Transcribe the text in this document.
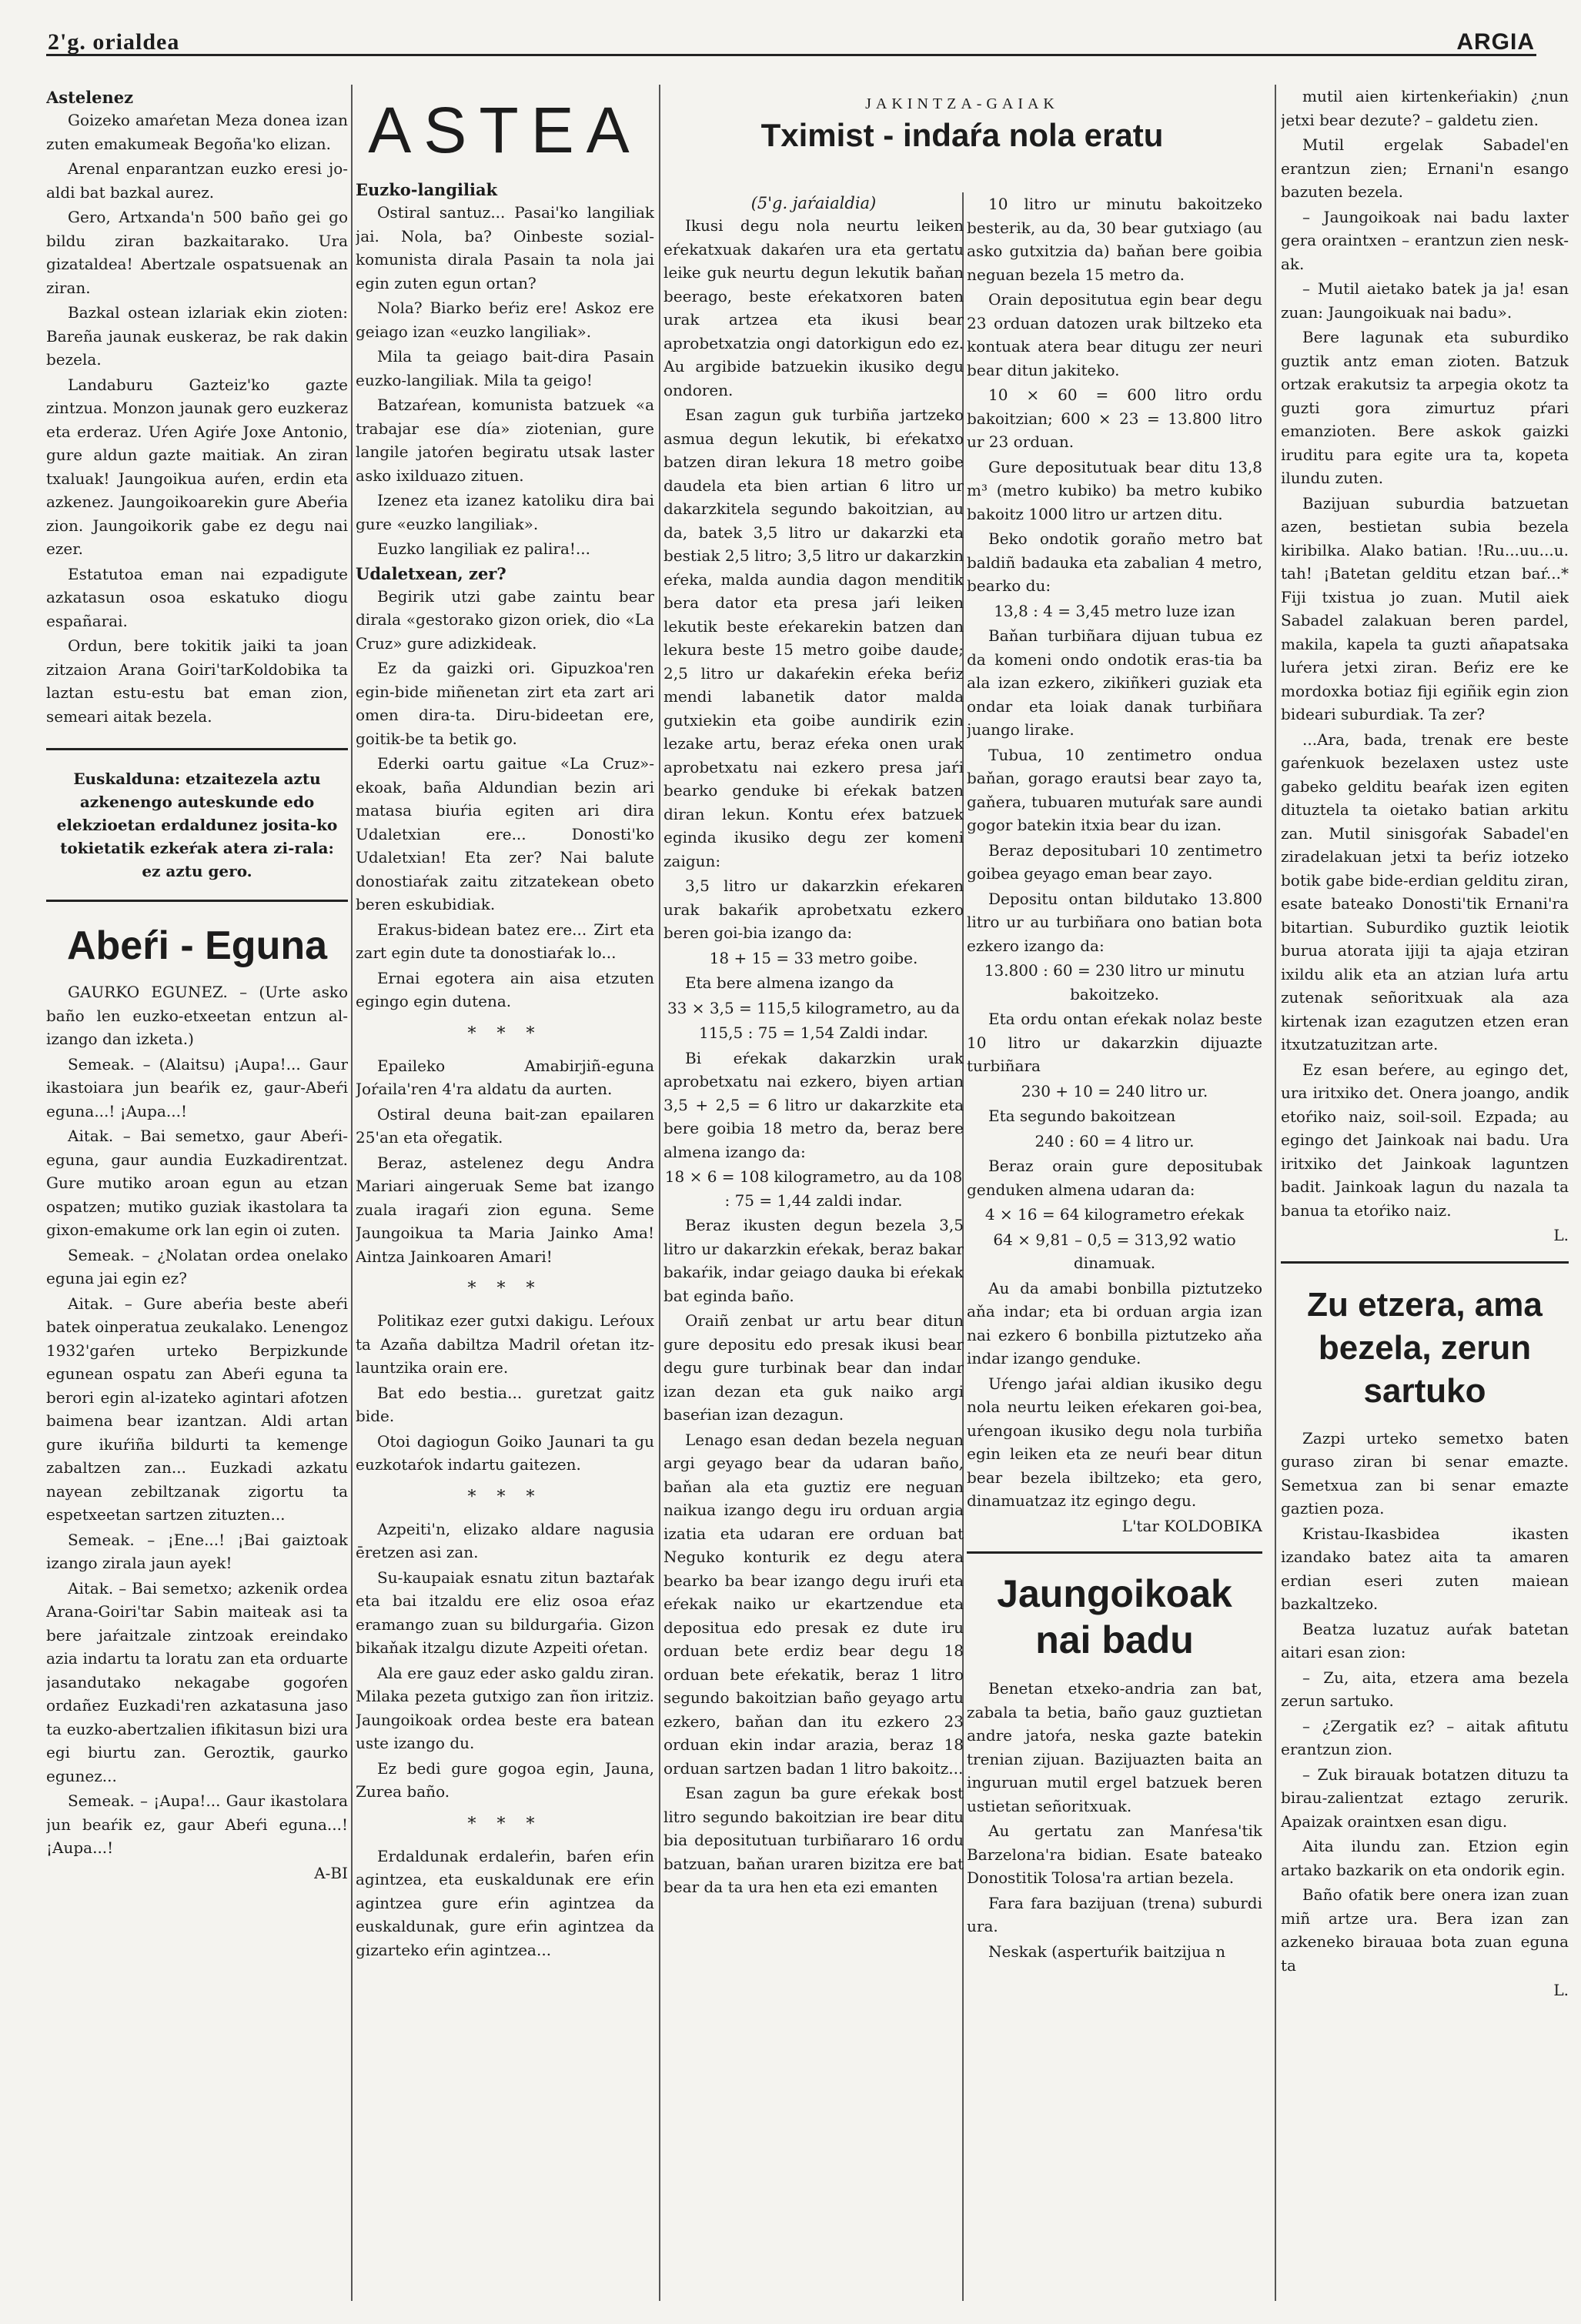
2'g. orialdea	ARGIA
Astelenez

Goizeko amaŕetan Meza donea izan zuten emakumeak Begoña'ko elizan.

Arenal enparantzan euzko eresi jo-aldi bat bazkal aurez.

Gero, Artxanda'n 500 baño gei go bildu ziran bazkaitarako. Ura gizataldea! Abertzale ospatsuenak an ziran.

Bazkal ostean izlariak ekin zioten: Bareña jaunak euskeraz, be rak dakin bezela.

Landaburu Gazteiz'ko gazte zintzua. Monzon jaunak gero euzkeraz eta erderaz. Uŕen Agiŕe Joxe Antonio, gure aldun gazte maitiak. An ziran txaluak! Jaungoikua auŕen, erdin eta azkenez. Jaungoikoarekin gure Abeŕia zion. Jaungoikorik gabe ez degu nai ezer.

Estatutoa eman nai ezpadigute azkatasun osoa eskatuko diogu españarai.

Ordun, bere tokitik jaiki ta joan zitzaion Arana Goiri'tarKoldobika ta laztan estu-estu bat eman zion, semeari aitak bezela.

Euskalduna: etzaitezela aztu azkenengo auteskunde edo elekzioetan erdaldunez josita-ko tokietatik ezkeŕak atera zi-rala: ez aztu gero.
Abeŕi - Eguna

GAURKO EGUNEZ. – (Urte asko baño len euzko-etxeetan entzun al-izango dan izketa.)

Semeak. – (Alaitsu) ¡Aupa!... Gaur ikastoiara jun beaŕik ez, gaur-Abeŕi eguna...! ¡Aupa...!

Aitak. – Bai semetxo, gaur Abeŕi-eguna, gaur aundia Euzkadirentzat. Gure mutiko aroan egun au etzan ospatzen; mutiko guziak ikastolara ta gixon-emakume ork lan egin oi zuten.

Semeak. – ¿Nolatan ordea onelako eguna jai egin ez?

Aitak. – Gure abeŕia beste abeŕi batek oinperatua zeukalako. Lenengoz 1932'gaŕen urteko Berpizkunde egunean ospatu zan Abeŕi eguna ta berori egin al-izateko agintari afotzen baimena bear izantzan. Aldi artan gure ikuŕiña bildurti ta kemenge zabaltzen zan... Euzkadi azkatu nayean zebiltzanak zigortu ta espetxeetan sartzen zituzten...

Semeak. – ¡Ene...! ¡Bai gaiztoak izango zirala jaun ayek!

Aitak. – Bai semetxo; azkenik ordea Arana-Goiri'tar Sabin maiteak asi ta bere jaŕaitzale zintzoak ereindako azia indartu ta loratu zan eta orduarte jasandutako nekagabe gogoŕen ordañez Euzkadi'ren azkatasuna jaso ta euzko-abertzalien ifikitasun bizi ura egi biurtu zan. Geroztik, gaurko egunez...

Semeak. – ¡Aupa!... Gaur ikastolara jun beaŕik ez, gaur Abeŕi eguna...! ¡Aupa...!

A-BI

ASTEA
Euzko-langiliak

Ostiral santuz... Pasai'ko langiliak jai. Nola, ba? Oinbeste sozial-komunista dirala Pasain ta nola jai egin zuten egun ortan?

Nola? Biarko beŕiz ere! Askoz ere geiago izan «euzko langiliak».

Mila ta geiago bait-dira Pasain euzko-langiliak. Mila ta geigo!

Batzaŕean, komunista batzuek «a trabajar ese día» ziotenian, gure langile jatoŕen begiratu utsak laster asko ixilduazo zituen.

Izenez eta izanez katoliku dira bai gure «euzko langiliak».

Euzko langiliak ez palira!...

Udaletxean, zer?

Begirik utzi gabe zaintu bear dirala «gestorako gizon oriek, dio «La Cruz» gure adizkideak.

Ez da gaizki ori. Gipuzkoa'ren egin-bide miñenetan zirt eta zart ari omen dira-ta. Diru-bideetan ere, goitik-be ta betik go.

Ederki oartu gaitue «La Cruz»-ekoak, baña Aldundian bezin ari matasa biuŕia egiten ari dira Udaletxian ere... Donosti'ko Udaletxian! Eta zer? Nai balute donostiaŕak zaitu zitzatekean obeto beren eskubidiak.

Erakus-bidean batez ere... Zirt eta zart egin dute ta donostiaŕak lo...

Ernai egotera ain aisa etzuten egingo egin dutena.

* * *

Epaileko Amabirjiñ-eguna Joŕaila'ren 4'ra aldatu da aurten.

Ostiral deuna bait-zan epailaren 25'an eta ořegatik.

Beraz, astelenez degu Andra Mariari aingeruak Seme bat izango zuala iragaŕi zion eguna. Seme Jaungoikua ta Maria Jainko Ama! Aintza Jainkoaren Amari!

* * *

Politikaz ezer gutxi dakigu. Leŕoux ta Azaña dabiltza Madril oŕetan itz-launtzika orain ere.

Bat edo bestia... guretzat gaitz bide.

Otoi dagiogun Goiko Jaunari ta gu euzkotaŕok indartu gaitezen.

* * *

Azpeiti'n, elizako aldare nagusia ēretzen asi zan.

Su-kaupaiak esnatu zitun baztaŕak eta bai itzaldu ere eliz osoa eŕaz eramango zuan su bildurgaŕia. Gizon bikaňak itzalgu dizute Azpeiti oŕetan.

Ala ere gauz eder asko galdu ziran. Milaka pezeta gutxigo zan ñon iritziz. Jaungoikoak ordea beste era batean uste izango du.

Ez bedi gure gogoa egin, Jauna, Zurea baño.

* * *

Erdaldunak erdaleŕin, baŕen eŕin agintzea, eta euskaldunak ere eŕin agintzea gure eŕin agintzea da euskaldunak, gure eŕin agintzea da gizarteko eŕin agintzea...

JAKINTZA-GAIAK
Tximist - indaŕa nola eratu
(5'g. jaŕaialdia)

Ikusi degu nola neurtu leiken eŕekatxuak dakaŕen ura eta gertatu leike guk neurtu degun lekutik baňan beerago, beste eŕekatxoren baten urak artzea eta ikusi bear aprobetxatzia ongi datorkigun edo ez. Au argibide batzuekin ikusiko degu ondoren.

Esan zagun guk turbiña jartzeko asmua degun lekutik, bi eŕekatxo batzen diran lekura 18 metro goibe daudela eta bien artian 6 litro ur dakarzkitela segundo bakoitzian, au da, batek 3,5 litro ur dakarzki eta bestiak 2,5 litro; 3,5 litro ur dakarzkin eŕeka, malda aundia dagon menditik bera dator eta presa jaŕi leiken lekutik beste eŕekarekin batzen dan lekura beste 15 metro goibe daude; 2,5 litro ur dakaŕekin eŕeka beŕiz mendi labanetik dator malda gutxiekin eta goibe aundirik ezin lezake artu, beraz eŕeka onen urak aprobetxatu nai ezkero presa jaŕi bearko genduke bi eŕekak batzen diran lekun. Kontu eŕex batzuek eginda ikusiko degu zer komeni zaigun:

3,5 litro ur dakarzkin eŕekaren urak bakaŕik aprobetxatu ezkero beren goi-bia izango da:

18 + 15 = 33 metro goibe.

Eta bere almena izango da

33 × 3,5 = 115,5 kilogrametro, au da

115,5 : 75 = 1,54 Zaldi indar.

Bi eŕekak dakarzkin urak aprobetxatu nai ezkero, biyen artian 3,5 + 2,5 = 6 litro ur dakarzkite eta bere goibia 18 metro da, beraz bere almena izango da:

18 × 6 = 108 kilogrametro, au da 108 : 75 = 1,44 zaldi indar.

Beraz ikusten degun bezela 3,5 litro ur dakarzkin eŕekak, beraz bakar bakaŕik, indar geiago dauka bi eŕekak bat eginda baño.

Oraiñ zenbat ur artu bear ditun gure depositu edo presak ikusi bear degu gure turbinak bear dan indar izan dezan eta guk naiko argi baseŕian izan dezagun.

Lenago esan dedan bezela neguan argi geyago bear da udaran baño, baňan ala eta guztiz ere neguan naikua izango degu iru orduan argia izatia eta udaran ere orduan bat Neguko konturik ez degu atera bearko ba bear izango degu iruŕi eta eŕekak naiko ur ekartzendue eta depositua edo presak ez dute iru orduan bete erdiz bear degu 18 orduan bete eŕekatik, beraz 1 litro segundo bakoitzian baño geyago artu ezkero, baňan dan itu ezkero 23 orduan ekin indar arazia, beraz 18 orduan sartzen badan 1 litro bakoitz...

Esan zagun ba gure eŕekak bost litro segundo bakoitzian ire bear ditu bia depositutuan turbiñararo 16 ordu batzuan, baňan uraren bizitza ere bat bear da ta ura hen eta ezi emanten

10 litro ur minutu bakoitzeko besterik, au da, 30 bear gutxiago (au asko gutxitzia da) baňan bere goibia neguan bezela 15 metro da.

Orain depositutua egin bear degu 23 orduan datozen urak biltzeko eta kontuak atera bear ditugu zer neuri bear ditun jakiteko.

10 × 60 = 600 litro ordu bakoitzian; 600 × 23 = 13.800 litro ur 23 orduan.

Gure depositutuak bear ditu 13,8 m³ (metro kubiko) ba metro kubiko bakoitz 1000 litro ur artzen ditu.

Beko ondotik goraño metro bat baldiñ badauka eta zabalian 4 metro, bearko du:

13,8 : 4 = 3,45 metro luze izan

Baňan turbiñara dijuan tubua ez da komeni ondo ondotik eras-tia ba ala izan ezkero, zikiñkeri guziak eta ondar eta loiak danak turbiñara juango lirake.

Tubua, 10 zentimetro ondua baňan, gorago erautsi bear zayo ta, gaňera, tubuaren mutuŕak sare aundi gogor batekin itxia bear du izan.

Beraz depositubari 10 zentimetro goibea geyago eman bear zayo.

Depositu ontan bildutako 13.800 litro ur au turbiñara ono batian bota ezkero izango da:

13.800 : 60 = 230 litro ur minutu bakoitzeko.

Eta ordu ontan eŕekak nolaz beste 10 litro ur dakarzkin dijuazte turbiñara

230 + 10 = 240 litro ur.

Eta segundo bakoitzean

240 : 60 = 4 litro ur.

Beraz orain gure depositubak genduken almena udaran da:

4 × 16 = 64 kilogrametro eŕekak

64 × 9,81 – 0,5 = 313,92 watio dinamuak.

Au da amabi bonbilla piztutzeko aňa indar; eta bi orduan argia izan nai ezkero 6 bonbilla piztutzeko aňa indar izango genduke.

Uŕengo jaŕai aldian ikusiko degu nola neurtu leiken eŕekaren goi-bea, uŕengoan ikusiko degu nola turbiña egin leiken eta ze neuŕi bear ditun bear bezela ibiltzeko; eta gero, dinamuatzaz itz egingo degu.

L'tar KOLDOBIKA

Jaungoikoak nai badu

Benetan etxeko-andria zan bat, zabala ta betia, baño gauz guztietan andre jatoŕa, neska gazte batekin trenian zijuan. Bazijuazten baita an inguruan mutil ergel batzuek beren ustietan señoritxuak.

Au gertatu zan Manŕesa'tik Barzelona'ra bidian. Esate bateako Donostitik Tolosa'ra artian bezela.

Fara fara bazijuan (trena) suburdi ura.

Neskak (aspertuŕik baitzijua n

mutil aien kirtenkeŕiakin) ¿nun jetxi bear dezute? – galdetu zien.

Mutil ergelak Sabadel'en erantzun zien; Ernani'n esango bazuten bezela.

– Jaungoikoak nai badu laxter gera oraintxen – erantzun zien nesk-ak.

– Mutil aietako batek ja ja! esan zuan: Jaungoikuak nai badu».

Bere lagunak eta suburdiko guztik antz eman zioten. Batzuk ortzak erakutsiz ta arpegia okotz ta guzti gora zimurtuz pŕari emanzioten. Bere askok gaizki iruditu para egite ura ta, kopeta ilundu zuten.

Bazijuan suburdia batzuetan azen, bestietan subia bezela kiribilka. Alako batian. !Ru...uu...u. tah! ¡Batetan gelditu etzan baŕ...* Fiji txistua jo zuan. Mutil aiek Sabadel zalakuan beren pardel, makila, kapela ta guzti añapatsaka luŕera jetxi ziran. Beŕiz ere ke mordoxka botiaz fiji egiñik egin zion bideari suburdiak. Ta zer?

...Ara, bada, trenak ere beste gaŕenkuok bezelaxen ustez uste gabeko gelditu beaŕak izen egiten dituztela ta oietako batian arkitu zan. Mutil sinisgoŕak Sabadel'en ziradelakuan jetxi ta beŕiz iotzeko botik gabe bide-erdian gelditu ziran, esate bateako Donosti'tik Ernani'ra bitartian. Suburdiko guztik leiotik burua atorata ijiji ta ajaja etziran ixildu alik eta an atzian luŕa artu zutenak señoritxuak ala aza kirtenak izan ezagutzen etzen eran itxutzatuzitzan arte.

Ez esan beŕere, au egingo det, ura iritxiko det. Onera joango, andik etoŕiko naiz, soil-soil. Ezpada; au egingo det Jainkoak nai badu. Ura iritxiko det Jainkoak laguntzen badit. Jainkoak lagun du nazala ta banua ta etoŕiko naiz.

L.

Zu etzera, ama bezela, zerun sartuko

Zazpi urteko semetxo baten guraso ziran bi senar emazte. Semetxua zan bi senar emazte gaztien poza.

Kristau-Ikasbidea ikasten izandako batez aita ta amaren erdian eseri zuten maiean bazkaltzeko.

Beatza luzatuz auŕak batetan aitari esan zion:

– Zu, aita, etzera ama bezela zerun sartuko.

– ¿Zergatik ez? – aitak afitutu erantzun zion.

– Zuk birauak botatzen dituzu ta birau-zalientzat eztago zerurik. Apaizak oraintxen esan digu.

Aita ilundu zan. Etzion egin artako bazkarik on eta ondorik egin.

Baño ofatik bere onera izan zuan miñ artze ura. Bera izan zan azkeneko birauaa bota zuan eguna ta

L.
